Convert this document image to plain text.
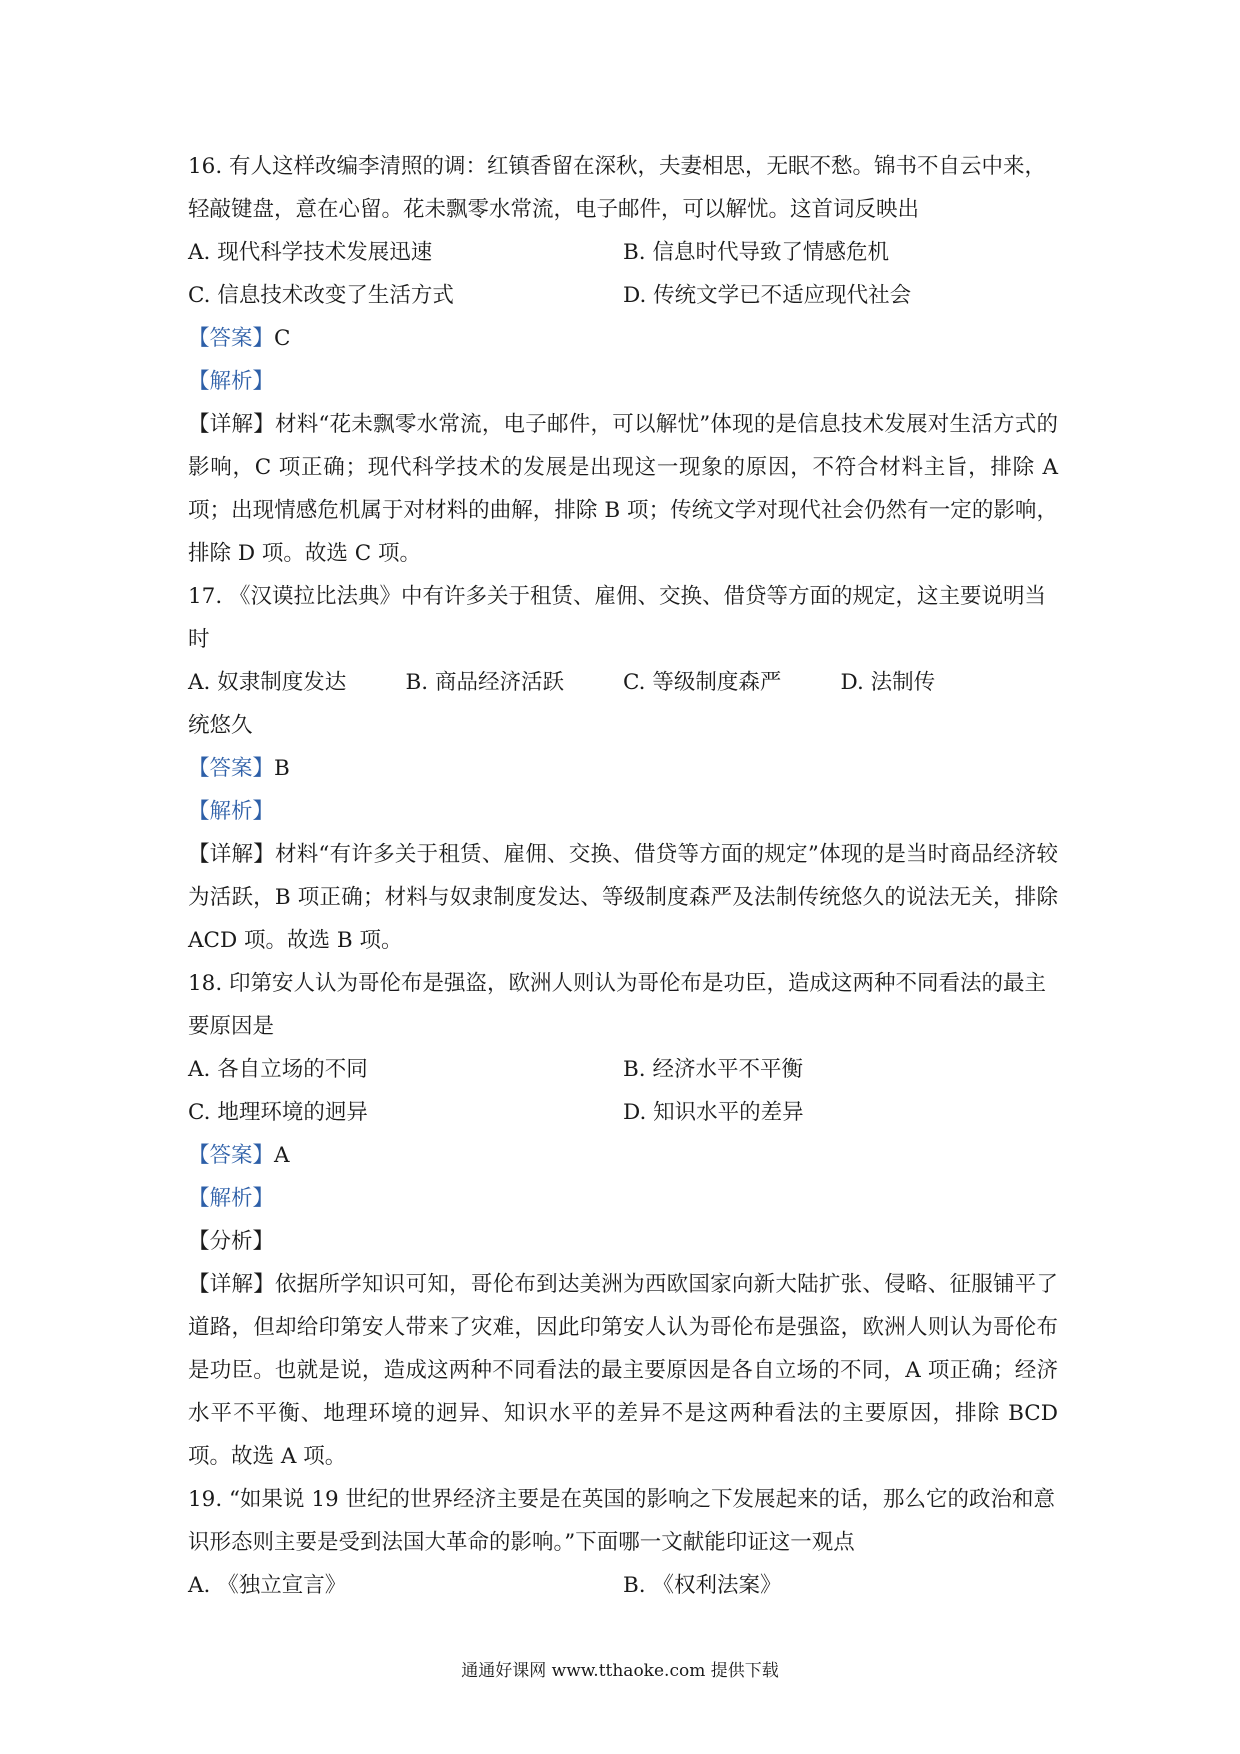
16. 有人这样改编李清照的调：红镇香留在深秋，夫妻相思，无眠不愁。锦书不自云中来，
轻敲键盘，意在心留。花未飘零水常流，电子邮件，可以解忧。这首词反映出
A. 现代科学技术发展迅速	B. 信息时代导致了情感危机
C. 信息技术改变了生活方式	D. 传统文学已不适应现代社会
【答案】C
【解析】
【详解】材料“花未飘零水常流，电子邮件，可以解忧”体现的是信息技术发展对生活方式的影响，C 项正确；现代科学技术的发展是出现这一现象的原因，不符合材料主旨，排除 A 项；出现情感危机属于对材料的曲解，排除 B 项；传统文学对现代社会仍然有一定的影响，排除 D 项。故选 C 项。
17. 《汉谟拉比法典》中有许多关于租赁、雇佣、交换、借贷等方面的规定，这主要说明当
时
A. 奴隶制度发达	B. 商品经济活跃	C. 等级制度森严	D. 法制传
统悠久
【答案】B
【解析】
【详解】材料“有许多关于租赁、雇佣、交换、借贷等方面的规定”体现的是当时商品经济较为活跃，B 项正确；材料与奴隶制度发达、等级制度森严及法制传统悠久的说法无关，排除 ACD 项。故选 B 项。
18. 印第安人认为哥伦布是强盗，欧洲人则认为哥伦布是功臣，造成这两种不同看法的最主
要原因是
A. 各自立场的不同	B. 经济水平不平衡
C. 地理环境的迥异	D. 知识水平的差异
【答案】A
【解析】
【分析】
【详解】依据所学知识可知，哥伦布到达美洲为西欧国家向新大陆扩张、侵略、征服铺平了道路，但却给印第安人带来了灾难，因此印第安人认为哥伦布是强盗，欧洲人则认为哥伦布是功臣。也就是说，造成这两种不同看法的最主要原因是各自立场的不同，A 项正确；经济水平不平衡、地理环境的迥异、知识水平的差异不是这两种看法的主要原因，排除 BCD 项。故选 A 项。
19. “如果说 19 世纪的世界经济主要是在英国的影响之下发展起来的话，那么它的政治和意
识形态则主要是受到法国大革命的影响。”下面哪一文献能印证这一观点
A. 《独立宣言》	B. 《权利法案》
通通好课网 www.tthaoke.com 提供下载
